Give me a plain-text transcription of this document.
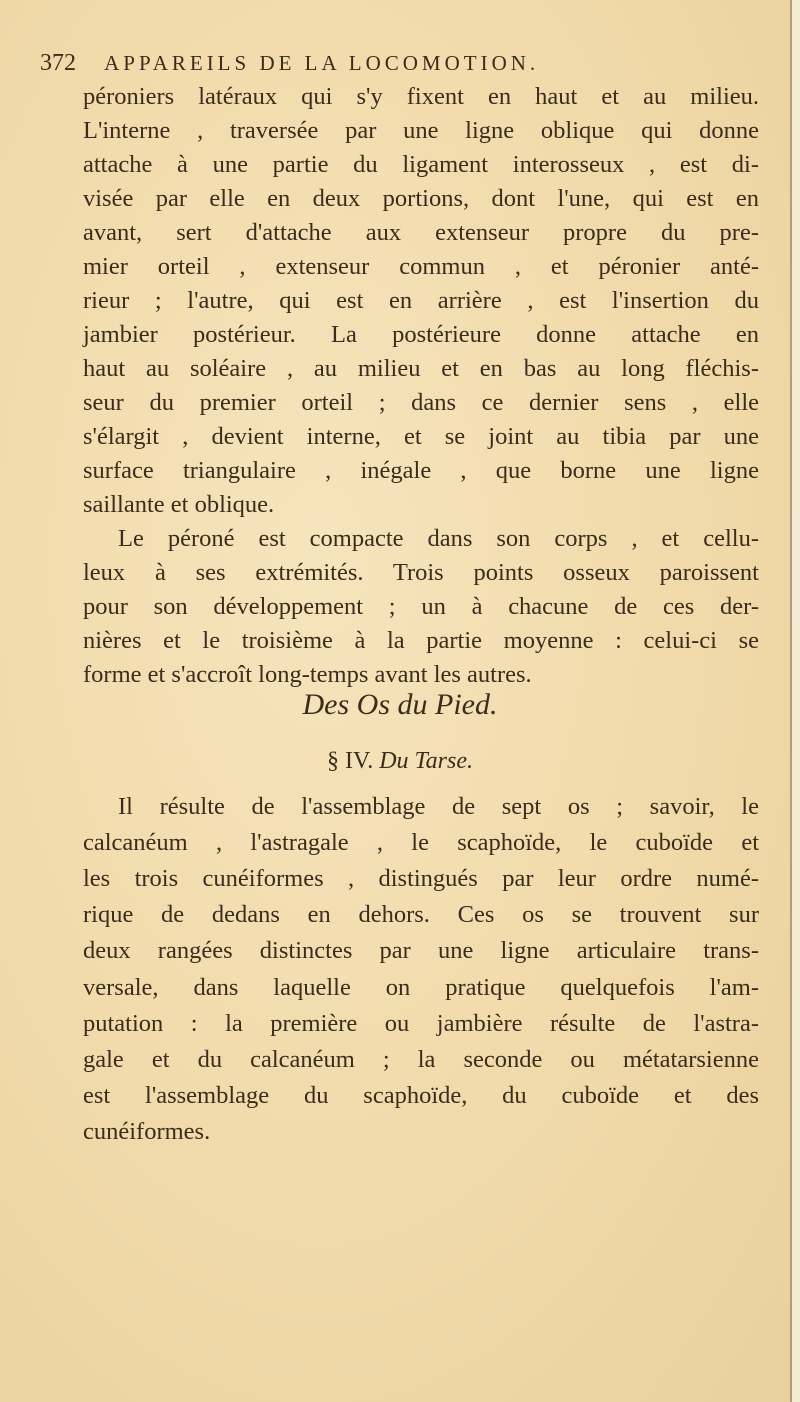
372 APPAREILS DE LA LOCOMOTION.
péroniers latéraux qui s'y fixent en haut et au milieu.
L'interne , traversée par une ligne oblique qui donne
attache à une partie du ligament interosseux , est di-
visée par elle en deux portions, dont l'une, qui est en
avant, sert d'attache aux extenseur propre du pre-
mier orteil , extenseur commun , et péronier anté-
rieur ; l'autre, qui est en arrière , est l'insertion du
jambier postérieur. La postérieure donne attache en
haut au soléaire , au milieu et en bas au long fléchis-
seur du premier orteil ; dans ce dernier sens , elle
s'élargit , devient interne, et se joint au tibia par une
surface triangulaire , inégale , que borne une ligne
saillante et oblique.
Le péroné est compacte dans son corps , et cellu-
leux à ses extrémités. Trois points osseux paroissent
pour son développement ; un à chacune de ces der-
nières et le troisième à la partie moyenne : celui-ci se
forme et s'accroît long-temps avant les autres.
Il résulte de l'assemblage de sept os ; savoir, le
calcanéum , l'astragale , le scaphoïde, le cuboïde et
les trois cunéiformes , distingués par leur ordre numé-
rique de dedans en dehors. Ces os se trouvent sur
deux rangées distinctes par une ligne articulaire trans-
versale, dans laquelle on pratique quelquefois l'am-
putation : la première ou jambière résulte de l'astra-
gale et du calcanéum ; la seconde ou métatarsienne
est l'assemblage du scaphoïde, du cuboïde et des
cunéiformes.
Des Os du Pied.
§ IV. Du Tarse.
